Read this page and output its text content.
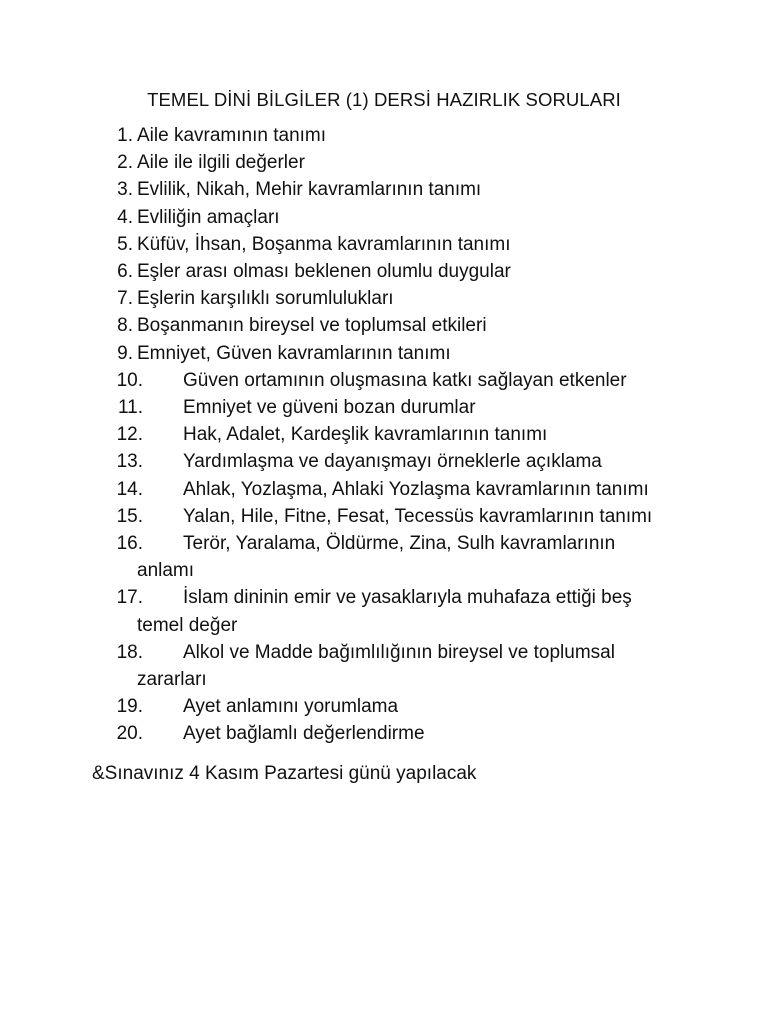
TEMEL DİNİ BİLGİLER (1) DERSİ HAZIRLIK SORULARI
1. Aile kavramının tanımı
2. Aile ile ilgili değerler
3. Evlilik, Nikah, Mehir kavramlarının tanımı
4. Evliliğin amaçları
5. Küfüv, İhsan, Boşanma kavramlarının tanımı
6. Eşler arası olması beklenen olumlu duygular
7. Eşlerin karşılıklı sorumlulukları
8. Boşanmanın bireysel ve toplumsal etkileri
9. Emniyet, Güven kavramlarının tanımı
10. Güven ortamının oluşmasına katkı sağlayan etkenler
11. Emniyet ve güveni bozan durumlar
12. Hak, Adalet, Kardeşlik kavramlarının tanımı
13. Yardımlaşma ve dayanışmayı örneklerle açıklama
14. Ahlak, Yozlaşma, Ahlaki Yozlaşma kavramlarının tanımı
15. Yalan, Hile, Fitne, Fesat, Tecessüs kavramlarının tanımı
16. Terör, Yaralama, Öldürme, Zina, Sulh kavramlarının
anlamı
17. İslam dininin emir ve yasaklarıyla muhafaza ettiği beş
temel değer
18. Alkol ve Madde bağımlılığının bireysel ve toplumsal
zararları
19. Ayet anlamını yorumlama
20. Ayet bağlamlı değerlendirme
&Sınavınız 4 Kasım Pazartesi günü yapılacak
